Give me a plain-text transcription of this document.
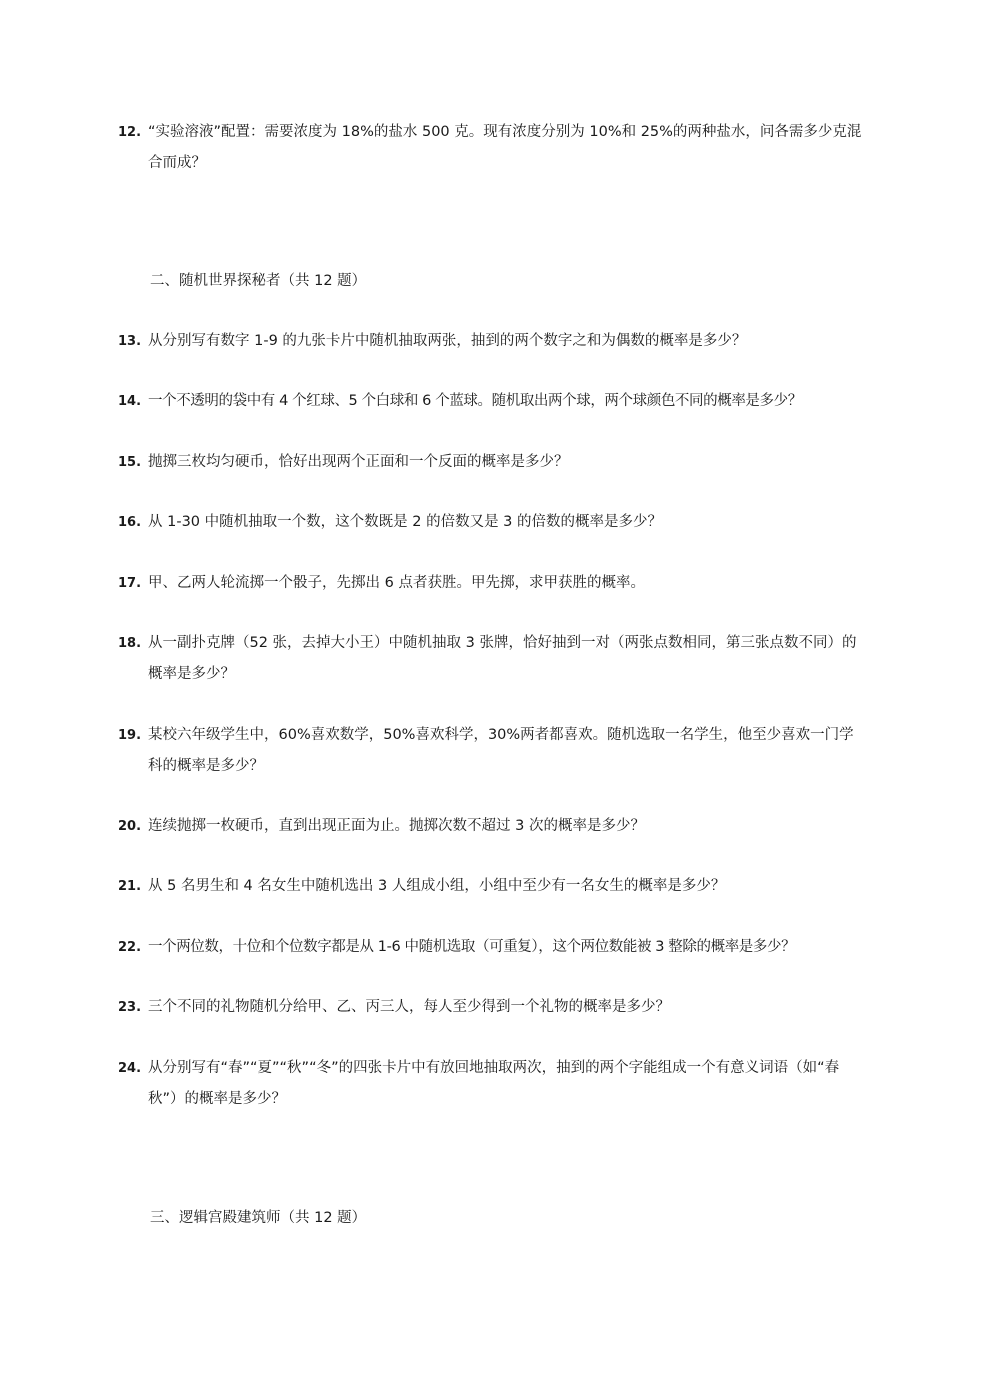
12. “实验溶液”配置：需要浓度为 18%的盐水 500 克。现有浓度分别为 10%和 25%的两种盐水，问各需多少克混合而成？
二、随机世界探秘者（共 12 题）
13. 从分别写有数字 1-9 的九张卡片中随机抽取两张，抽到的两个数字之和为偶数的概率是多少？
14. 一个不透明的袋中有 4 个红球、5 个白球和 6 个蓝球。随机取出两个球，两个球颜色不同的概率是多少？
15. 抛掷三枚均匀硬币，恰好出现两个正面和一个反面的概率是多少？
16. 从 1-30 中随机抽取一个数，这个数既是 2 的倍数又是 3 的倍数的概率是多少？
17. 甲、乙两人轮流掷一个骰子，先掷出 6 点者获胜。甲先掷，求甲获胜的概率。
18. 从一副扑克牌（52 张，去掉大小王）中随机抽取 3 张牌，恰好抽到一对（两张点数相同，第三张点数不同）的概率是多少？
19. 某校六年级学生中，60%喜欢数学，50%喜欢科学，30%两者都喜欢。随机选取一名学生，他至少喜欢一门学科的概率是多少？
20. 连续抛掷一枚硬币，直到出现正面为止。抛掷次数不超过 3 次的概率是多少？
21. 从 5 名男生和 4 名女生中随机选出 3 人组成小组，小组中至少有一名女生的概率是多少？
22. 一个两位数，十位和个位数字都是从 1-6 中随机选取（可重复），这个两位数能被 3 整除的概率是多少？
23. 三个不同的礼物随机分给甲、乙、丙三人，每人至少得到一个礼物的概率是多少？
24. 从分别写有“春”“夏”“秋”“冬”的四张卡片中有放回地抽取两次，抽到的两个字能组成一个有意义词语（如“春秋”）的概率是多少？
三、逻辑宫殿建筑师（共 12 题）
